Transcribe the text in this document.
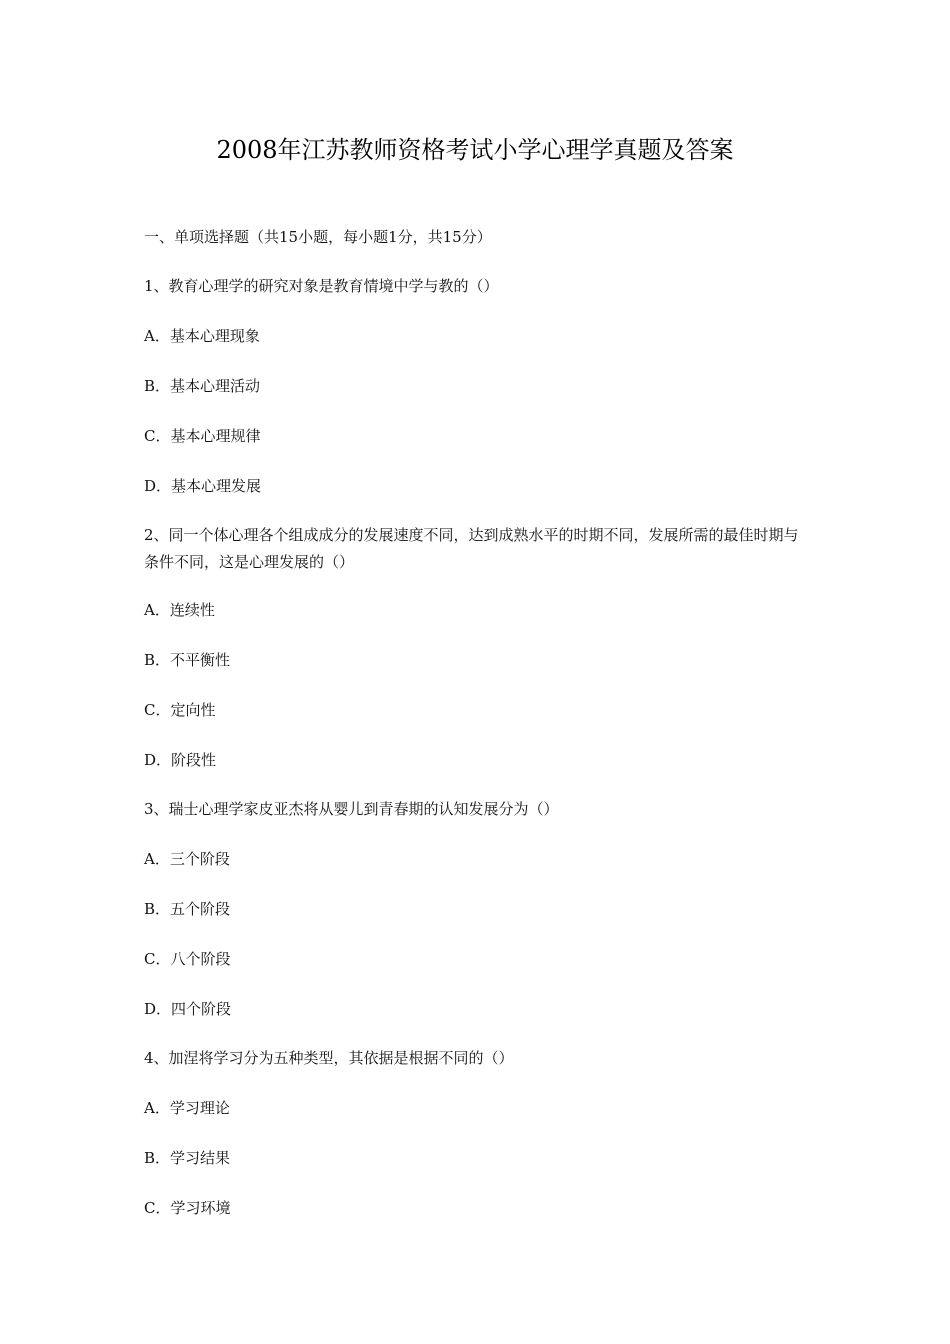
2008年江苏教师资格考试小学心理学真题及答案
一、单项选择题（共15小题，每小题1分，共15分）
1、教育心理学的研究对象是教育情境中学与教的（）
A．基本心理现象
B．基本心理活动
C．基本心理规律
D．基本心理发展
2、同一个体心理各个组成成分的发展速度不同，达到成熟水平的时期不同，发展所需的最佳时期与条件不同，这是心理发展的（）
A．连续性
B．不平衡性
C．定向性
D．阶段性
3、瑞士心理学家皮亚杰将从婴儿到青春期的认知发展分为（）
A．三个阶段
B．五个阶段
C．八个阶段
D．四个阶段
4、加涅将学习分为五种类型，其依据是根据不同的（）
A．学习理论
B．学习结果
C．学习环境
